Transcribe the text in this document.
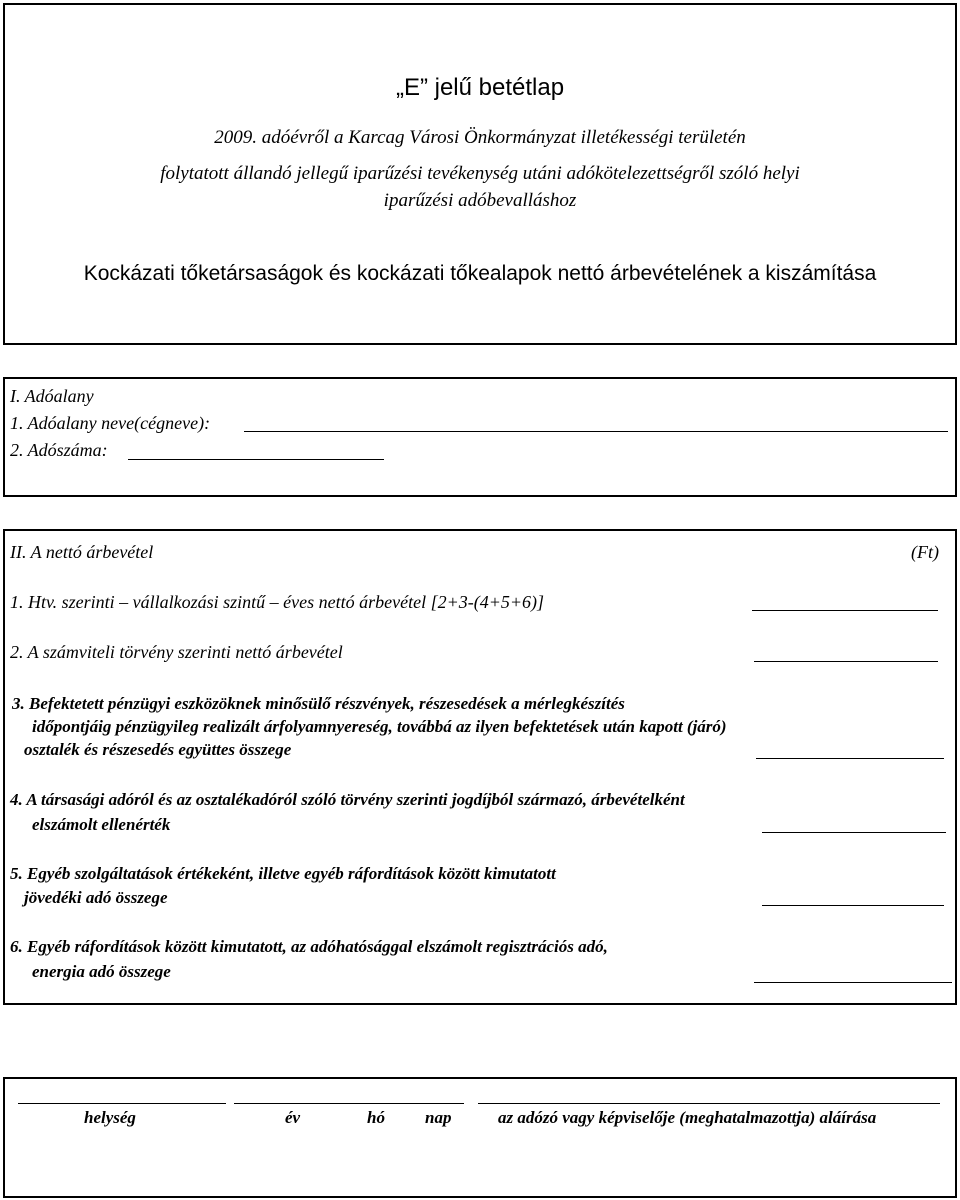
„E” jelű betétlap
2009. adóévről a Karcag Városi Önkormányzat illetékességi területén
folytatott állandó jellegű iparűzési tevékenység utáni adókötelezettségről szóló helyi
iparűzési adóbevalláshoz
Kockázati tőketársaságok és kockázati tőkealapok nettó árbevételének a kiszámítása
I. Adóalany
1. Adóalany neve(cégneve):
2. Adószáma:
II. A nettó árbevétel	(Ft)
1. Htv. szerinti – vállalkozási szintű – éves nettó árbevétel [2+3-(4+5+6)]
2. A számviteli törvény szerinti nettó árbevétel
3. Befektetett pénzügyi eszközöknek minősülő részvények, részesedések a mérlegkészítés
időpontjáig pénzügyileg realizált árfolyamnyereség, továbbá az ilyen befektetések után kapott (járó)
osztalék és részesedés együttes összege
4. A társasági adóról és az osztalékadóról szóló törvény szerinti jogdíjból származó, árbevételként
elszámolt ellenérték
5. Egyéb szolgáltatások értékeként, illetve egyéb ráfordítások között kimutatott
jövedéki adó összege
6. Egyéb ráfordítások között kimutatott, az adóhatósággal elszámolt regisztrációs adó,
energia adó összege
helység	év	hó nap	az adózó vagy képviselője (meghatalmazottja) aláírása
